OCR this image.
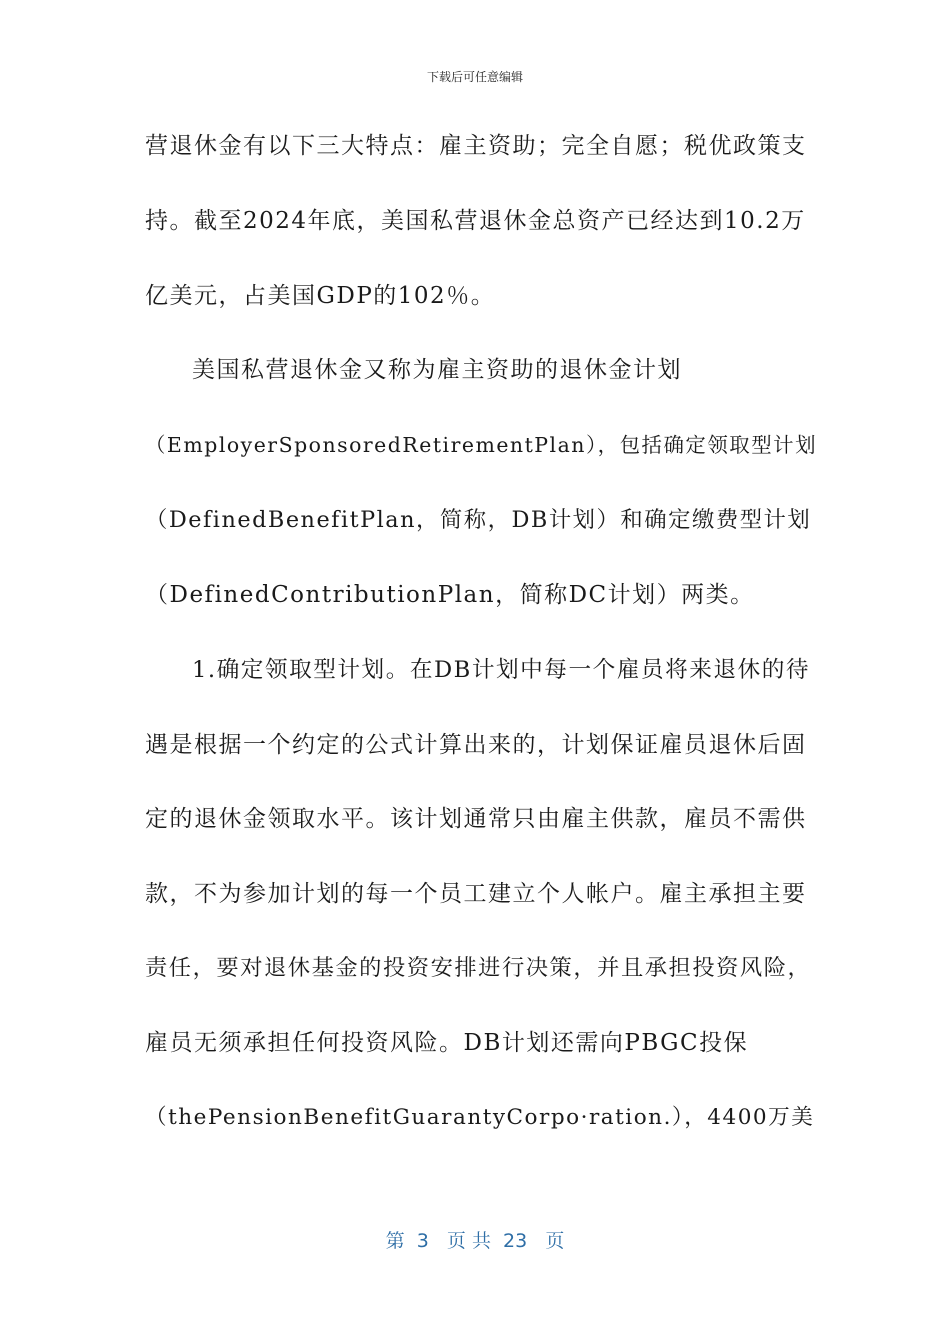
下载后可任意编辑
营退休金有以下三大特点：雇主资助；完全自愿；税优政策支
持。截至2024年底，美国私营退休金总资产已经达到10.2万
亿美元，占美国GDP的102％。
美国私营退休金又称为雇主资助的退休金计划
（EmployerSponsoredRetirementPlan），包括确定领取型计划
（DefinedBenefitPlan，简称，DB计划）和确定缴费型计划
（DefinedContributionPlan，简称DC计划）两类。
1.确定领取型计划。在DB计划中每一个雇员将来退休的待
遇是根据一个约定的公式计算出来的，计划保证雇员退休后固
定的退休金领取水平。该计划通常只由雇主供款，雇员不需供
款，不为参加计划的每一个员工建立个人帐户。雇主承担主要
责任，要对退休基金的投资安排进行决策，并且承担投资风险，
雇员无须承担任何投资风险。DB计划还需向PBGC投保
（thePensionBenefitGuarantyCorpo·ration.），4400万美
第  3   页 共  23   页
